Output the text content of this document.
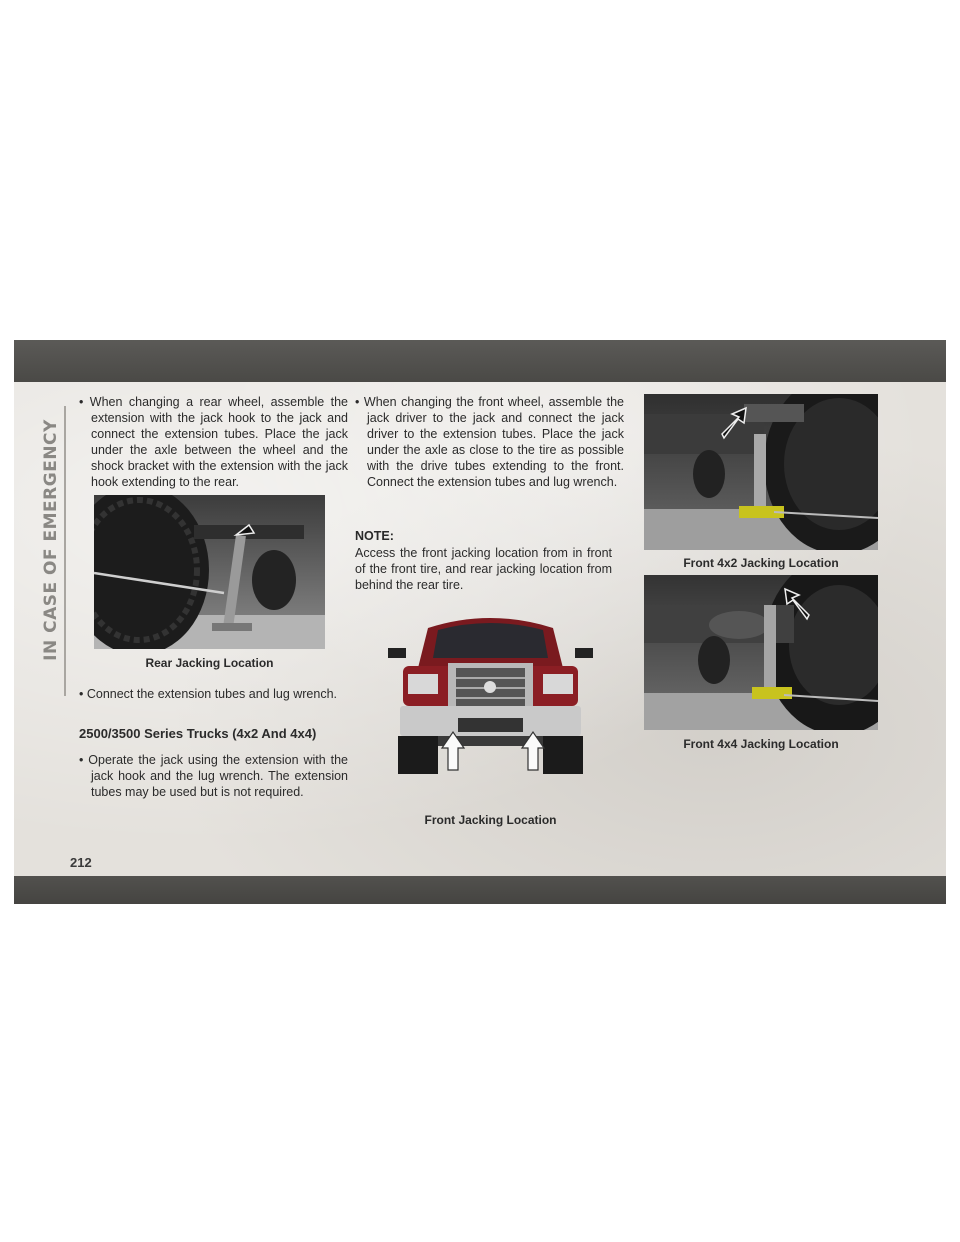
IN CASE OF EMERGENCY
• When changing a rear wheel, assemble the extension with the jack hook to the jack and connect the extension tubes. Place the jack under the axle between the wheel and the shock bracket with the extension with the jack hook extending to the rear.
Rear Jacking Location
• Connect the extension tubes and lug wrench.
2500/3500 Series Trucks (4x2 And 4x4)
• Operate the jack using the extension with the jack hook and the lug wrench. The extension tubes may be used but is not required.
• When changing the front wheel, assemble the jack driver to the jack and connect the jack driver to the extension tubes. Place the jack under the axle as close to the tire as possible with the drive tubes extending to the front. Connect the extension tubes and lug wrench.
NOTE:
Access the front jacking location from in front of the front tire, and rear jacking location from behind the rear tire.
Front Jacking Location
Front 4x2 Jacking Location
Front 4x4 Jacking Location
212
